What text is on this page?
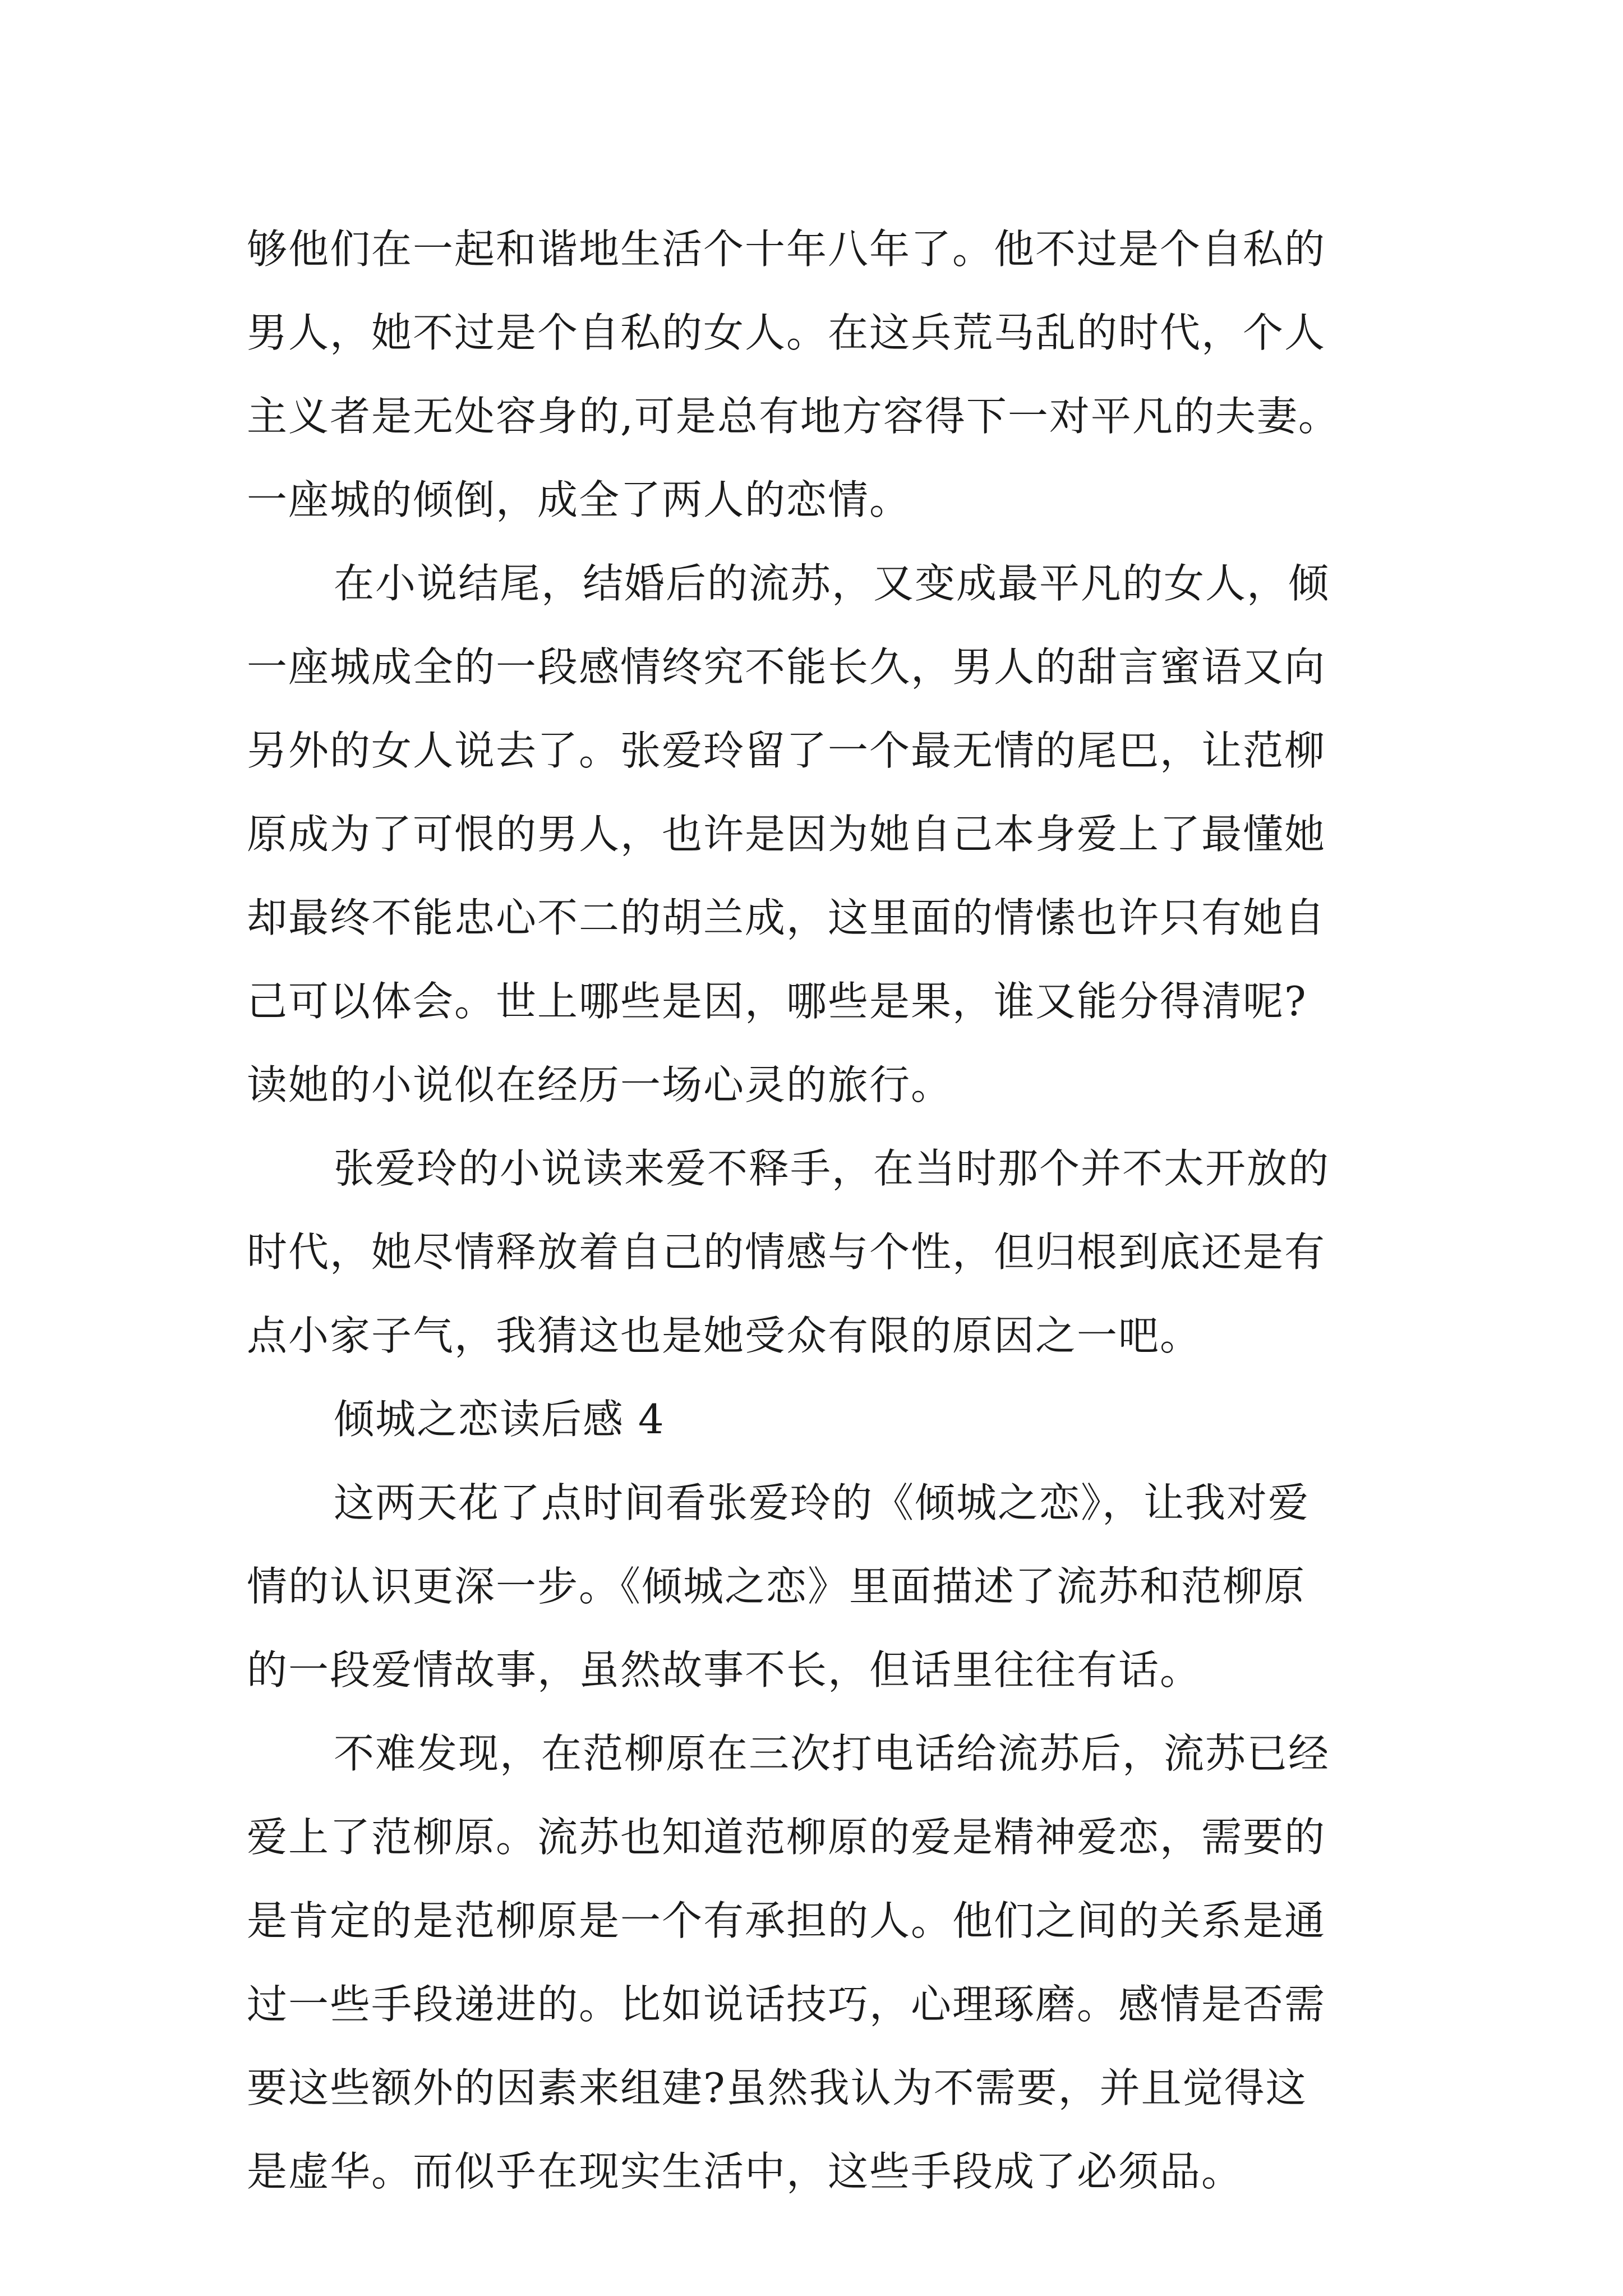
够他们在一起和谐地生活个十年八年了。他不过是个自私的
男人，她不过是个自私的女人。在这兵荒马乱的时代，个人
主义者是无处容身的,可是总有地方容得下一对平凡的夫妻。
一座城的倾倒，成全了两人的恋情。
在小说结尾，结婚后的流苏，又变成最平凡的女人，倾
一座城成全的一段感情终究不能长久，男人的甜言蜜语又向
另外的女人说去了。张爱玲留了一个最无情的尾巴，让范柳
原成为了可恨的男人，也许是因为她自己本身爱上了最懂她
却最终不能忠心不二的胡兰成，这里面的情愫也许只有她自
己可以体会。世上哪些是因，哪些是果，谁又能分得清呢?
读她的小说似在经历一场心灵的旅行。
张爱玲的小说读来爱不释手，在当时那个并不太开放的
时代，她尽情释放着自己的情感与个性，但归根到底还是有
点小家子气，我猜这也是她受众有限的原因之一吧。
倾城之恋读后感 4
这两天花了点时间看张爱玲的《倾城之恋》，让我对爱
情的认识更深一步。《倾城之恋》里面描述了流苏和范柳原
的一段爱情故事，虽然故事不长，但话里往往有话。
不难发现，在范柳原在三次打电话给流苏后，流苏已经
爱上了范柳原。流苏也知道范柳原的爱是精神爱恋，需要的
是肯定的是范柳原是一个有承担的人。他们之间的关系是通
过一些手段递进的。比如说话技巧，心理琢磨。感情是否需
要这些额外的因素来组建?虽然我认为不需要，并且觉得这
是虚华。而似乎在现实生活中，这些手段成了必须品。
